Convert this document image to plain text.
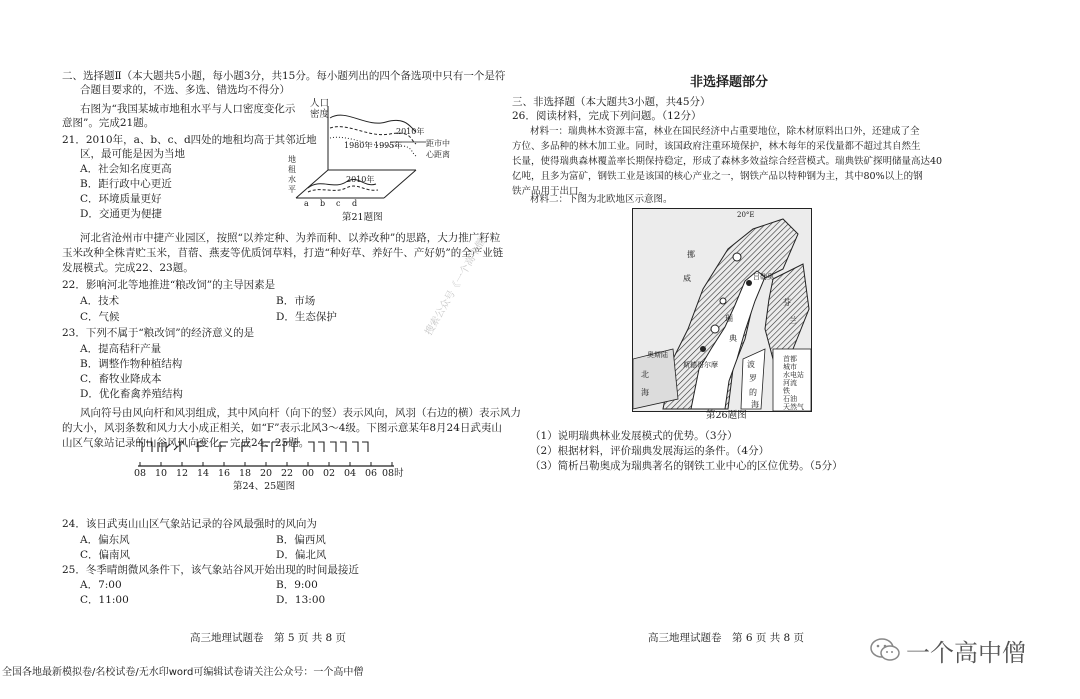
二、选择题Ⅱ（本大题共5小题，每小题3分，共15分。每小题列出的四个备选项中只有一个是符
合题目要求的，不选、多选、错选均不得分）
右图为“我国某城市地租水平与人口密度变化示
意图”。完成21题。
21．2010年，a、b、c、d四处的地租均高于其邻近地
区，最可能是因为当地
A．社会知名度更高
B．距行政中心更近
C．环境质量更好
D．交通更为便捷
人口
密度
2010年
1980年 1995年
2010年
距市中
心距离
地
租
水
平
a b c d
第21题图
河北省沧州市中捷产业园区，按照“以养定种、为养而种、以养改种”的思路，大力推广籽粒
玉米改种全株青贮玉米，苜蓿、燕麦等优质饲草料，打造“种好草、养好牛、产好奶”的全产业链
发展模式。完成22、23题。
22．影响河北等地推进“粮改饲”的主导因素是
A．技术	B．市场
C．气候	D．生态保护
23．下列不属于“粮改饲”的经济意义的是
A．提高秸秆产量
B．调整作物种植结构
C．畜牧业降成本
D．优化畜禽养殖结构
风向符号由风向杆和风羽组成，其中风向杆（向下的竖）表示风向，风羽（右边的横）表示风力
的大小，风羽条数和风力大小成正相关，如“F”表示北风3～4级。下图示意某年8月24日武夷山
山区气象站记录的山谷风风向变化，完成24、25题。
08 10 12 14 16 18 20 22 00 02 04 06 08时
第24、25题图
24．该日武夷山山区气象站记录的谷风最强时的风向为
A．偏东风	B．偏西风
C．偏南风	D．偏北风
25．冬季晴朗微风条件下，该气象站谷风开始出现的时间最接近
A．7:00	B．9:00
C．11:00	D．13:00
高三地理试题卷　第 5 页 共 8 页
非选择题部分
三、非选择题（本大题共3小题，共45分）
26．阅读材料，完成下列问题。（12分）
材料一：瑞典林木资源丰富，林业在国民经济中占重要地位，除木材原料出口外，还建成了全
方位、多品种的林木加工业。同时，该国政府注重环境保护，林木每年的采伐量都不超过其自然生
长量，使得瑞典森林覆盖率长期保持稳定，形成了森林多效益综合经营模式。瑞典铁矿探明储量高达40
亿吨，且多为富矿，钢铁工业是该国的核心产业之一，钢铁产品以特种钢为主，其中80%以上的钢
铁产品用于出口。
材料二：下图为北欧地区示意图。
挪
威
瑞
典
芬
兰
北
海
波
罗
的
海
吕勒奥
斯德哥尔摩
奥斯陆
20°E
首都
城市
水电站
河流
铁
石油
天然气
第26题图
（1）说明瑞典林业发展模式的优势。（3分）
（2）根据材料，评价瑞典发展海运的条件。（4分）
（3）简析吕勒奥成为瑞典著名的钢铁工业中心的区位优势。（5分）
高三地理试题卷　第 6 页 共 8 页
搜索公众号《一个高中僧》
全国各地最新模拟卷/名校试卷/无水印word可编辑试卷请关注公众号：一个高中僧
一个高中僧
